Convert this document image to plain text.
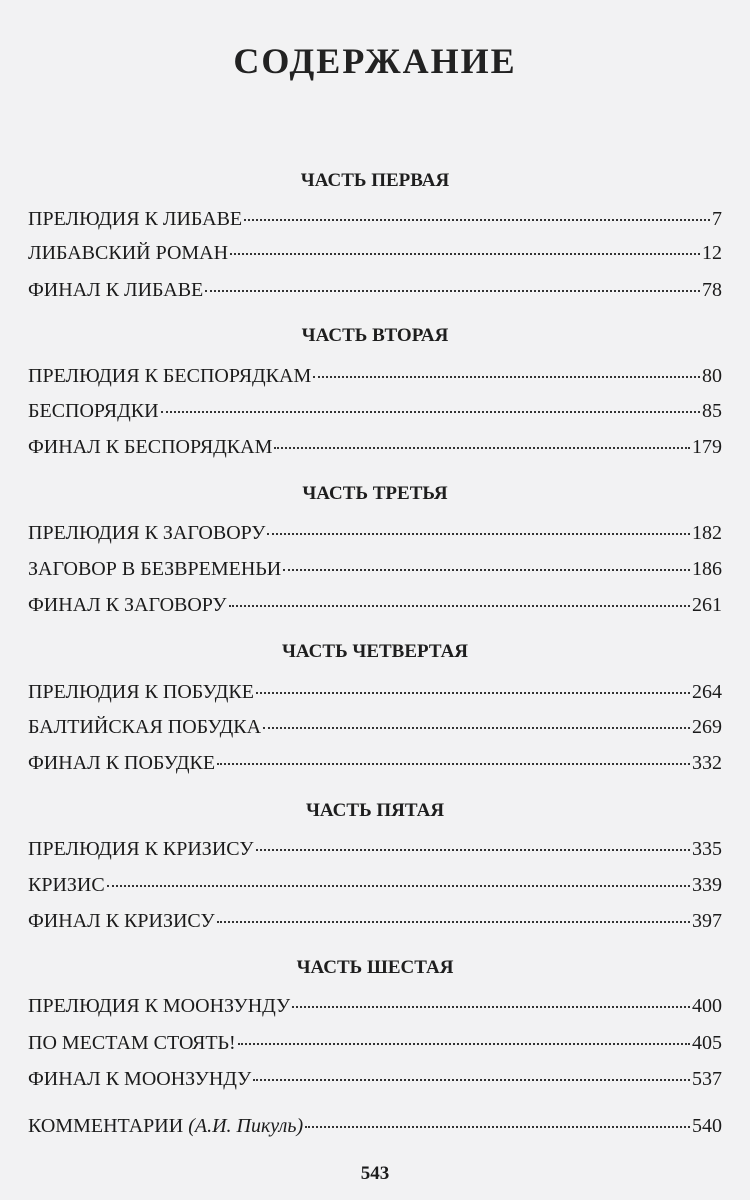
СОДЕРЖАНИЕ
ЧАСТЬ ПЕРВАЯ
ПРЕЛЮДИЯ К ЛИБАВЕ	7
ЛИБАВСКИЙ РОМАН	12
ФИНАЛ К ЛИБАВЕ	78
ЧАСТЬ ВТОРАЯ
ПРЕЛЮДИЯ К БЕСПОРЯДКАМ	80
БЕСПОРЯДКИ	85
ФИНАЛ К БЕСПОРЯДКАМ	179
ЧАСТЬ ТРЕТЬЯ
ПРЕЛЮДИЯ К ЗАГОВОРУ	182
ЗАГОВОР В БЕЗВРЕМЕНЬИ	186
ФИНАЛ К ЗАГОВОРУ	261
ЧАСТЬ ЧЕТВЕРТАЯ
ПРЕЛЮДИЯ К ПОБУДКЕ	264
БАЛТИЙСКАЯ ПОБУДКА	269
ФИНАЛ К ПОБУДКЕ	332
ЧАСТЬ ПЯТАЯ
ПРЕЛЮДИЯ К КРИЗИСУ	335
КРИЗИС	339
ФИНАЛ К КРИЗИСУ	397
ЧАСТЬ ШЕСТАЯ
ПРЕЛЮДИЯ К МООНЗУНДУ	400
ПО МЕСТАМ СТОЯТЬ!	405
ФИНАЛ К МООНЗУНДУ	537
КОММЕНТАРИИ (А.И. Пикуль)	540
543
